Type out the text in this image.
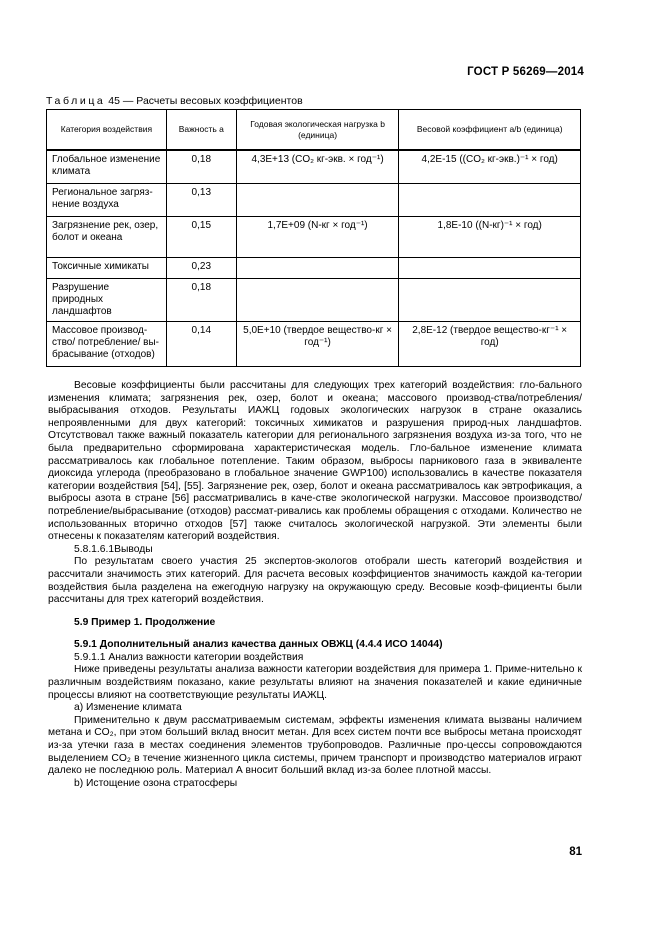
ГОСТ Р 56269—2014
Таблица 45 — Расчеты весовых коэффициентов
Категория воздействия	Важность a	Годовая экологическая нагрузка b (единица)	Весовой коэффициент a/b (единица)
Глобальное изменение климата	0,18	4,3E+13 (CO₂ кг-экв. × год⁻¹)	4,2E-15 ((CO₂ кг-экв.)⁻¹ × год)
Региональное загряз-нение воздуха	0,13		
Загрязнение рек, озер, болот и океана	0,15	1,7E+09 (N-кг × год⁻¹)	1,8E-10 ((N-кг)⁻¹ × год)
Токсичные химикаты	0,23		
Разрушение природных ландшафтов	0,18		
Массовое производ-ство/ потребление/ вы-брасывание (отходов)	0,14	5,0E+10 (твердое вещество-кг × год⁻¹)	2,8E-12 (твердое вещество-кг⁻¹ × год)

Весовые коэффициенты были рассчитаны для следующих трех категорий воздействия: гло-бального изменения климата; загрязнения рек, озер, болот и океана; массового производ-ства/потребления/выбрасывания отходов. Результаты ИАЖЦ годовых экологических нагрузок в стране оказались непроявленными для двух категорий: токсичных химикатов и разрушения природ-ных ландшафтов. Отсутствовал также важный показатель категории для регионального загрязнения воздуха из-за того, что не была предварительно сформирована характеристическая модель. Гло-бальное изменение климата рассматривалось как глобальное потепление. Таким образом, выбросы парникового газа в эквиваленте диоксида углерода (преобразовано в глобальное значение GWP100) использовались в качестве показателя категории воздействия [54], [55]. Загрязнение рек, озер, болот и океана рассматривалось как эвтрофикация, а выбросы азота в стране [56] рассматривались в каче-стве экологической нагрузки. Массовое производство/потребление/выбрасывание (отходов) рассмат-ривались как проблемы обращения с отходами. Количество не использованных вторично отходов [57] также считалось экологической нагрузкой. Эти элементы были отнесены к показателям категорий воздействия.

5.8.1.6.1Выводы

По результатам своего участия 25 экспертов-экологов отобрали шесть категорий воздействия и рассчитали значимость этих категорий. Для расчета весовых коэффициентов значимость каждой ка-тегории воздействия была разделена на ежегодную нагрузку на окружающую среду. Весовые коэф-фициенты были рассчитаны для трех категорий воздействия.

5.9 Пример 1. Продолжение

5.9.1 Дополнительный анализ качества данных ОВЖЦ (4.4.4 ИСО 14044)

5.9.1.1 Анализ важности категории воздействия

Ниже приведены результаты анализа важности категории воздействия для примера 1. Приме-нительно к различным воздействиям показано, какие результаты влияют на значения показателей и какие единичные процессы влияют на соответствующие результаты ИАЖЦ.

а) Изменение климата

Применительно к двум рассматриваемым системам, эффекты изменения климата вызваны наличием метана и CO₂, при этом больший вклад вносит метан. Для всех систем почти все выбросы метана происходят из-за утечки газа в местах соединения элементов трубопроводов. Различные про-цессы сопровождаются выделением CO₂ в течение жизненного цикла системы, причем транспорт и производство материалов играют далеко не последнюю роль. Материал А вносит больший вклад из-за более плотной массы.

b) Истощение озона стратосферы

81
